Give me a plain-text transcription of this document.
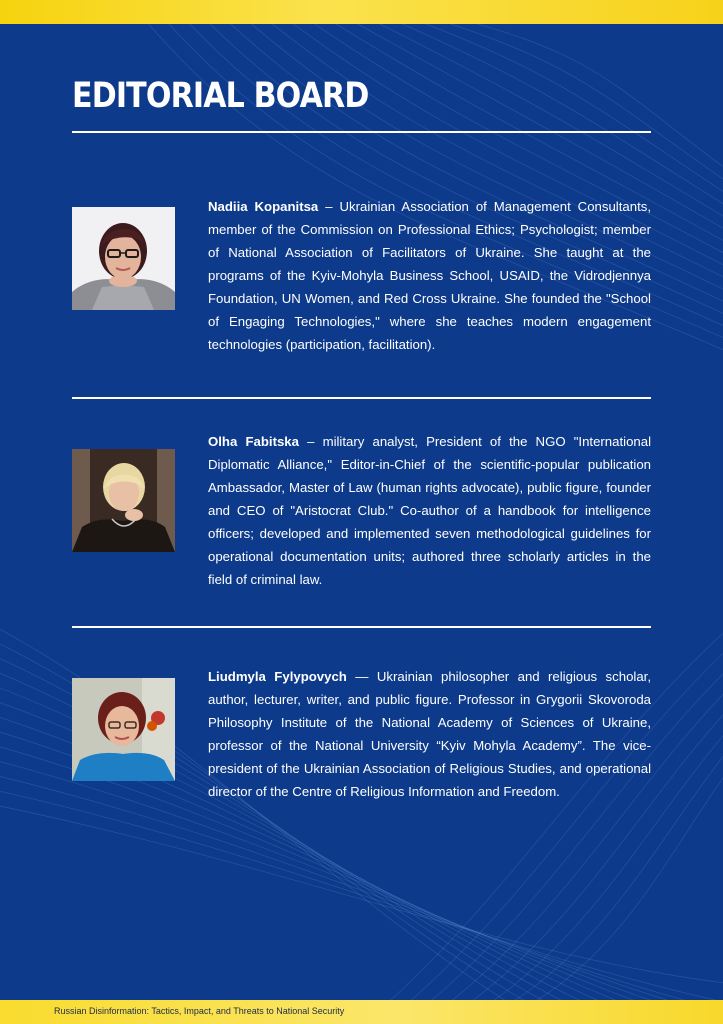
EDITORIAL BOARD

Nadiia Kopanitsa – Ukrainian Association of Management Consultants, member of the Commission on Professional Ethics; Psychologist; member of National Association of Facilitators of Ukraine. She taught at the programs of the Kyiv-Mohyla Business School, USAID, the Vidrodjennya Foundation, UN Women, and Red Cross Ukraine. She founded the "School of Engaging Technologies," where she teaches modern engagement technologies (participation, facilitation).

Olha Fabitska – military analyst, President of the NGO "International Diplomatic Alliance," Editor-in-Chief of the scientific-popular publication Ambassador, Master of Law (human rights advocate), public figure, founder and CEO of "Aristocrat Club." Co-author of a handbook for intelligence officers; developed and implemented seven methodological guidelines for operational documentation units; authored three scholarly articles in the field of criminal law.

Liudmyla Fylypovych — Ukrainian philosopher and religious scholar, author, lecturer, writer, and public figure. Professor in Grygorii Skovoroda Philosophy Institute of the National Academy of Sciences of Ukraine, professor of the National University “Kyiv Mohyla Academy”. The vice-president of the Ukrainian Association of Religious Studies, and operational director of the Centre of Religious Information and Freedom.

Russian Disinformation: Tactics, Impact, and Threats to National Security
